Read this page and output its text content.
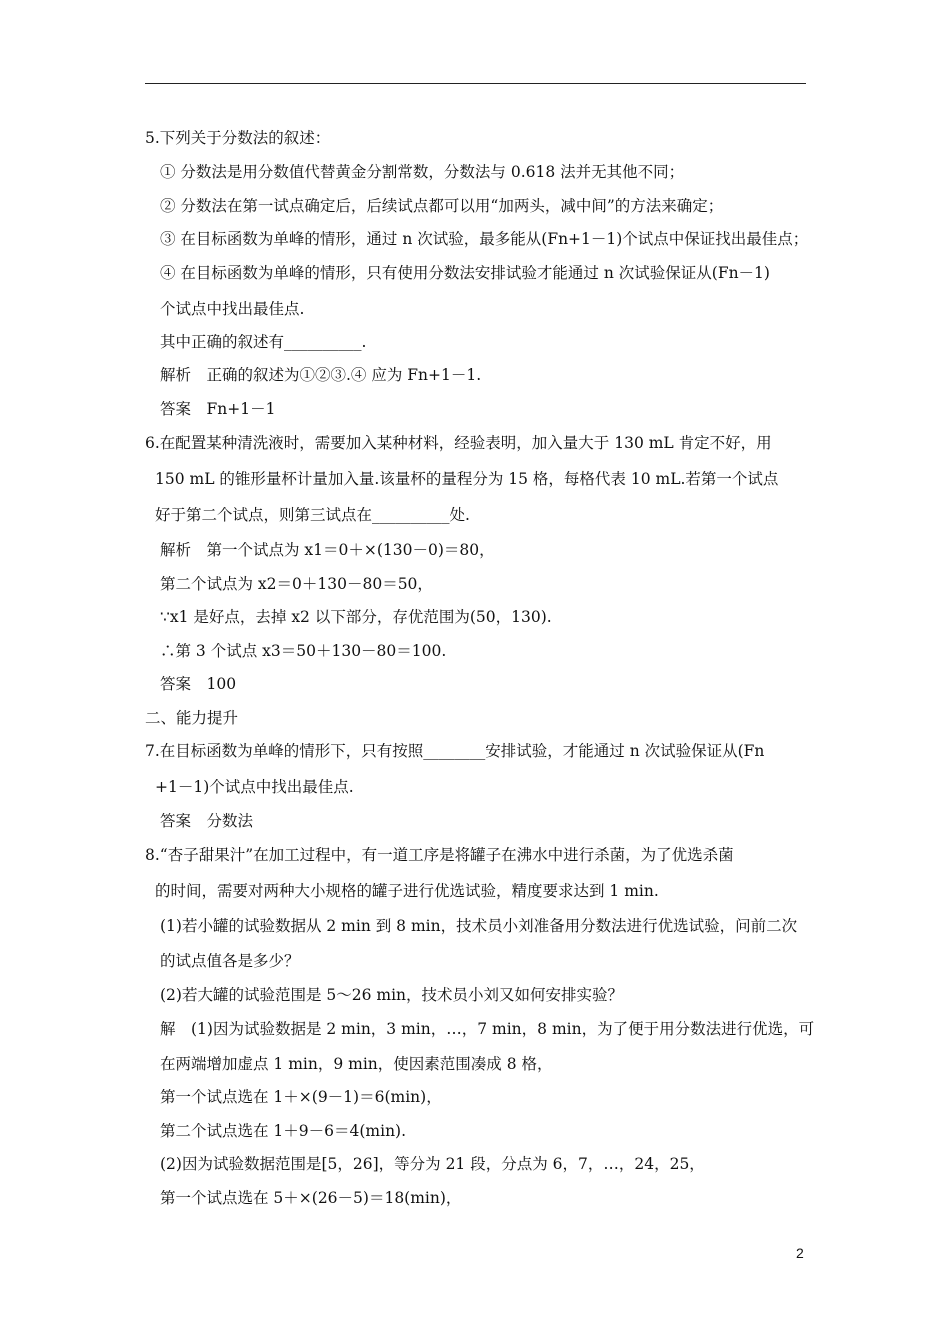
5.下列关于分数法的叙述：
① 分数法是用分数值代替黄金分割常数，分数法与 0.618 法并无其他不同；
② 分数法在第一试点确定后，后续试点都可以用“加两头，减中间”的方法来确定；
③ 在目标函数为单峰的情形，通过 n 次试验，最多能从(Fn+1－1)个试点中保证找出最佳点；
④ 在目标函数为单峰的情形，只有使用分数法安排试验才能通过 n 次试验保证从(Fn－1)
个试点中找出最佳点.
其中正确的叙述有__________.
解析　正确的叙述为①②③.④ 应为 Fn+1－1.
答案　Fn+1－1
6.在配置某种清洗液时，需要加入某种材料，经验表明，加入量大于 130 mL 肯定不好，用
150 mL 的锥形量杯计量加入量.该量杯的量程分为 15 格，每格代表 10 mL.若第一个试点
好于第二个试点，则第三试点在__________处.
解析　第一个试点为 x1＝0＋×(130－0)＝80，
第二个试点为 x2＝0＋130－80＝50，
∵x1 是好点，去掉 x2 以下部分，存优范围为(50，130).
∴第 3 个试点 x3＝50＋130－80＝100.
答案　100
二、能力提升
7.在目标函数为单峰的情形下，只有按照________安排试验，才能通过 n 次试验保证从(Fn
+1－1)个试点中找出最佳点.
答案　分数法
8.“杏子甜果汁”在加工过程中，有一道工序是将罐子在沸水中进行杀菌，为了优选杀菌
的时间，需要对两种大小规格的罐子进行优选试验，精度要求达到 1 min.
(1)若小罐的试验数据从 2 min 到 8 min，技术员小刘准备用分数法进行优选试验，问前二次
的试点值各是多少？
(2)若大罐的试验范围是 5～26 min，技术员小刘又如何安排实验？
解　(1)因为试验数据是 2 min，3 min，…，7 min，8 min，为了便于用分数法进行优选，可
在两端增加虚点 1 min，9 min，使因素范围凑成 8 格，
第一个试点选在 1＋×(9－1)＝6(min)，
第二个试点选在 1＋9－6＝4(min).
(2)因为试验数据范围是[5，26]，等分为 21 段，分点为 6，7，…，24，25，
第一个试点选在 5＋×(26－5)＝18(min)，
2
